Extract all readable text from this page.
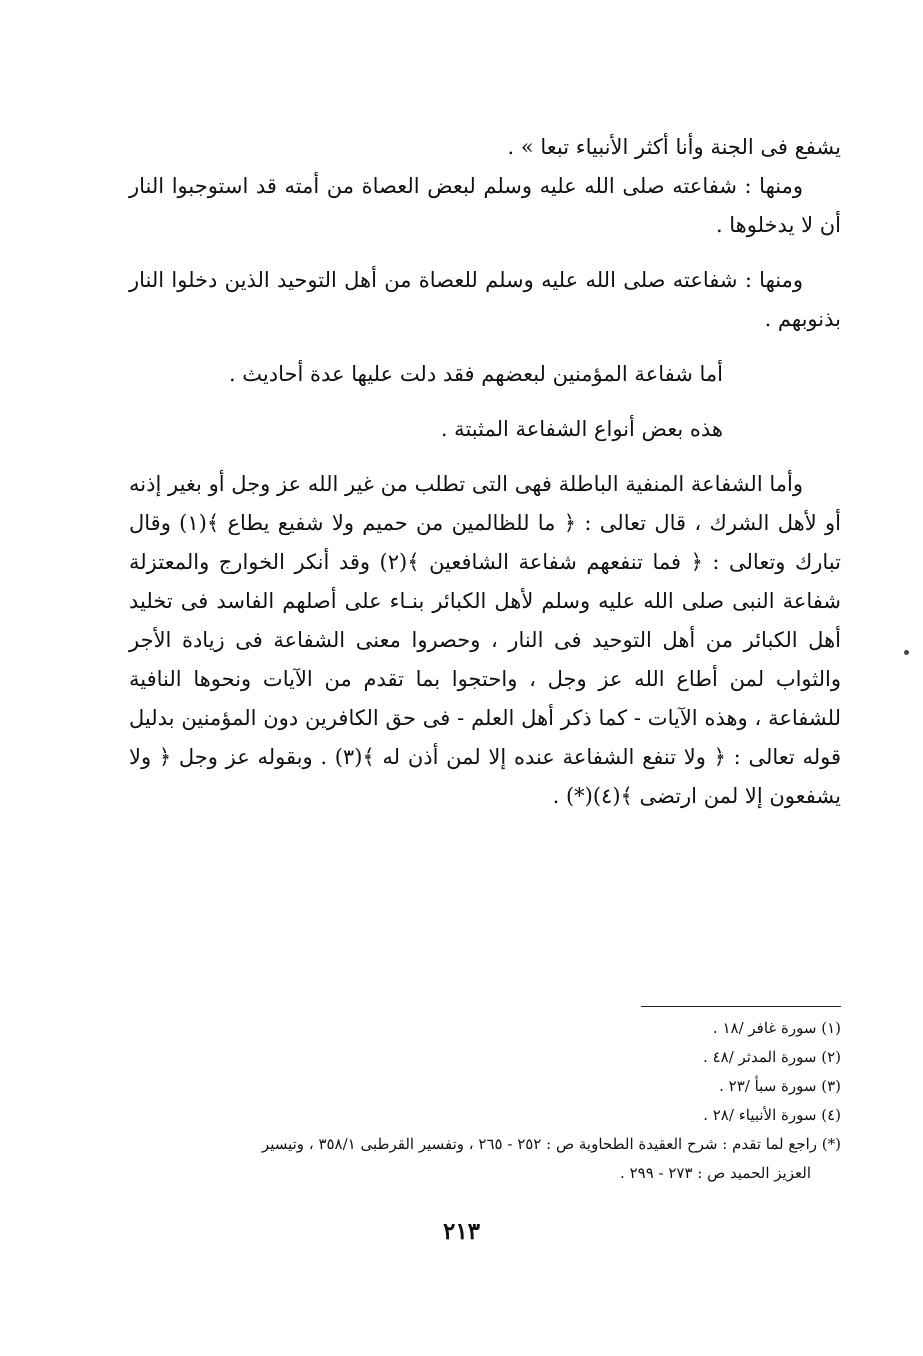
يشفع فى الجنة وأنا أكثر الأنبياء تبعا » .

ومنها : شفاعته صلى الله عليه وسلم لبعض العصاة من أمته قد استوجبوا النار أن لا يدخلوها .

ومنها : شفاعته صلى الله عليه وسلم للعصاة من أهل التوحيد الذين دخلوا النار بذنوبهم .

أما شفاعة المؤمنين لبعضهم فقد دلت عليها عدة أحاديث .

هذه بعض أنواع الشفاعة المثبتة .

وأما الشفاعة المنفية الباطلة فهى التى تطلب من غير الله عز وجل أو بغير إذنه أو لأهل الشرك ، قال تعالى : ﴿ ما للظالمين من حميم ولا شفيع يطاع ﴾(١) وقال تبارك وتعالى : ﴿ فما تنفعهم شفاعة الشافعين ﴾(٢) وقد أنكر الخوارج والمعتزلة شفاعة النبى صلى الله عليه وسلم لأهل الكبائر بنـاء على أصلهم الفاسد فى تخليد أهل الكبائر من أهل التوحيد فى النار ، وحصروا معنى الشفاعة فى زيادة الأجر والثواب لمن أطاع الله عز وجل ، واحتجوا بما تقدم من الآيات ونحوها النافية للشفاعة ، وهذه الآيات - كما ذكر أهل العلم - فى حق الكافرين دون المؤمنين بدليل قوله تعالى : ﴿ ولا تنفع الشفاعة عنده إلا لمن أذن له ﴾(٣) . وبقوله عز وجل ﴿ ولا يشفعون إلا لمن ارتضى ﴾(٤)(*) .

(١) سورة غافر /١٨ .

(٢) سورة المدثر /٤٨ .

(٣) سورة سبأ /٢٣ .

(٤) سورة الأنبياء /٢٨ .

(*) راجع لما تقدم : شرح العقيدة الطحاوية ص : ٢٥٢ - ٢٦٥ ، وتفسير القرطبى ٣٥٨/١ ، وتيسير

العزيز الحميد ص : ٢٧٣ - ٢٩٩ .

٢١٣
